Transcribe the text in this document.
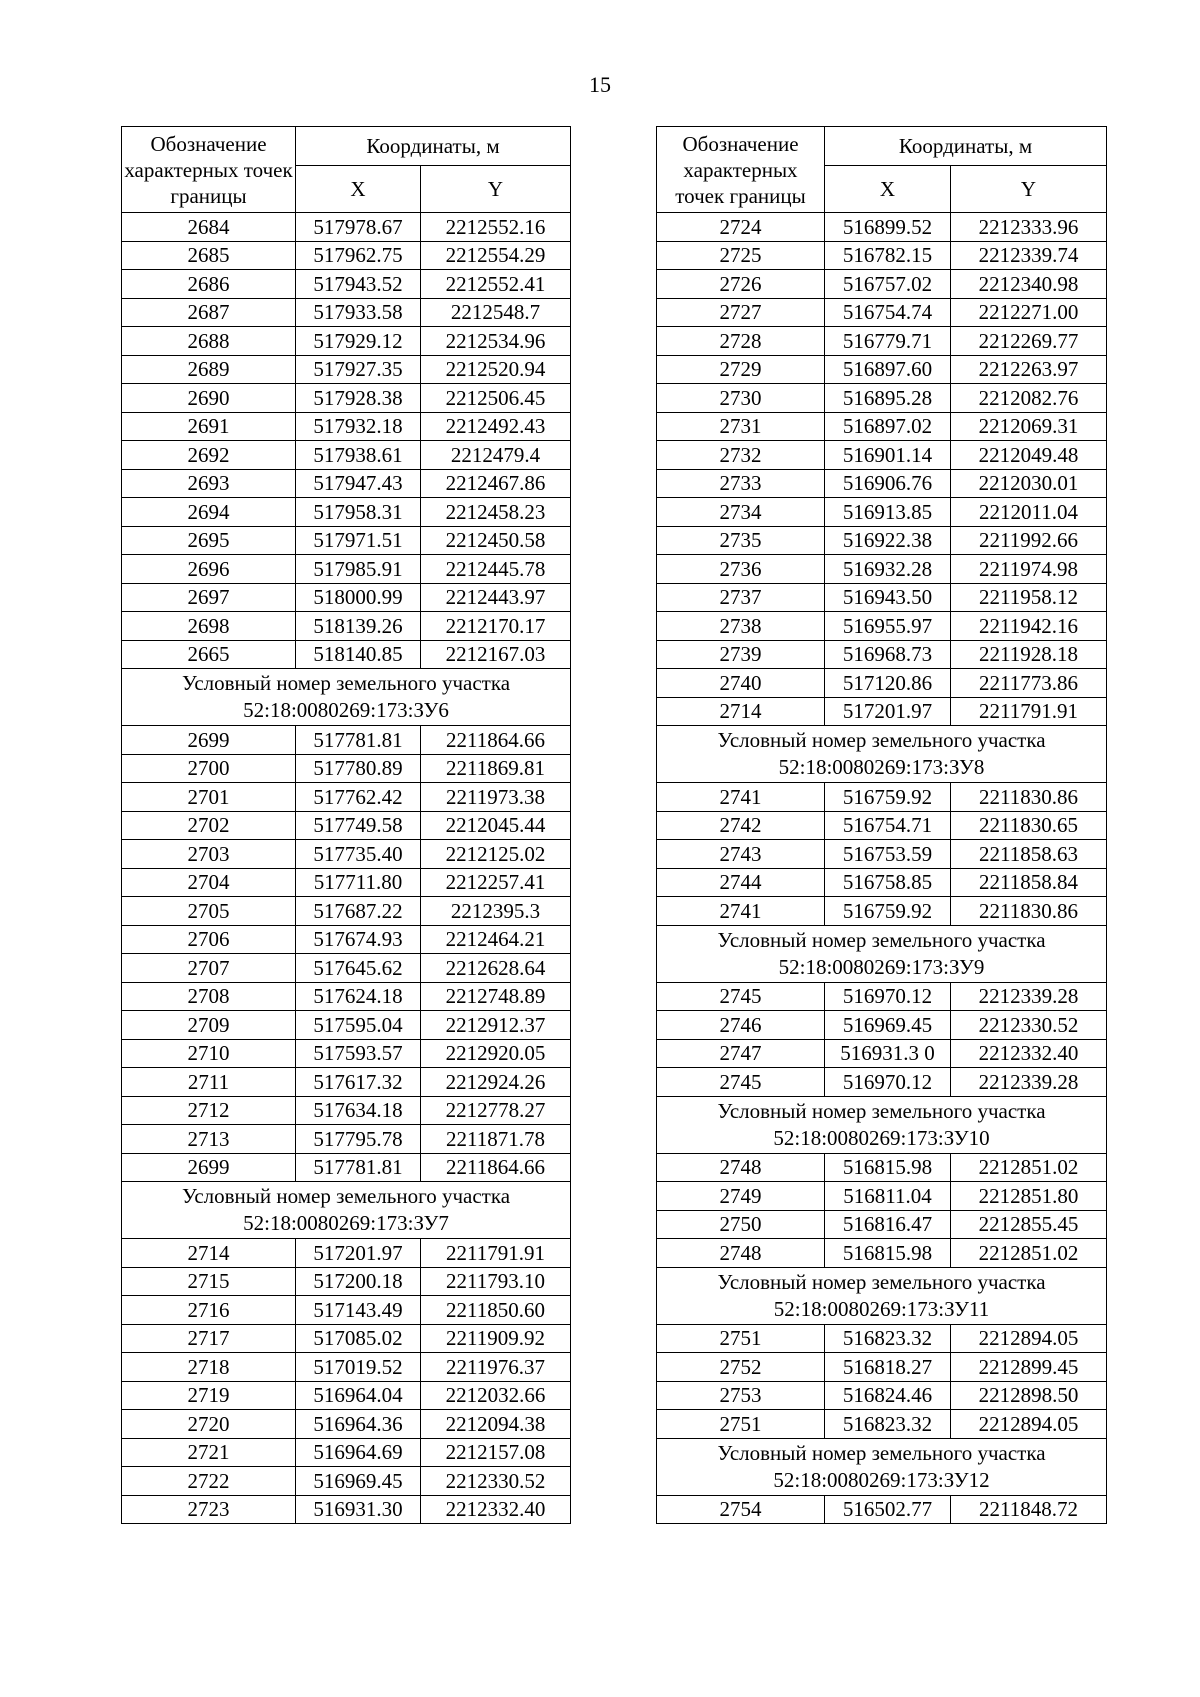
15
Обозначение характерных точек границы	Координаты, м	
	X	Y
2684	517978.67	2212552.16
2685	517962.75	2212554.29
2686	517943.52	2212552.41
2687	517933.58	2212548.7
2688	517929.12	2212534.96
2689	517927.35	2212520.94
2690	517928.38	2212506.45
2691	517932.18	2212492.43
2692	517938.61	2212479.4
2693	517947.43	2212467.86
2694	517958.31	2212458.23
2695	517971.51	2212450.58
2696	517985.91	2212445.78
2697	518000.99	2212443.97
2698	518139.26	2212170.17
2665	518140.85	2212167.03

Условный номер земельного участка
52:18:0080269:173:ЗУ6		

2699	517781.81	2211864.66
2700	517780.89	2211869.81
2701	517762.42	2211973.38
2702	517749.58	2212045.44
2703	517735.40	2212125.02
2704	517711.80	2212257.41
2705	517687.22	2212395.3
2706	517674.93	2212464.21
2707	517645.62	2212628.64
2708	517624.18	2212748.89
2709	517595.04	2212912.37
2710	517593.57	2212920.05
2711	517617.32	2212924.26
2712	517634.18	2212778.27
2713	517795.78	2211871.78
2699	517781.81	2211864.66

Условный номер земельного участка
52:18:0080269:173:ЗУ7		

2714	517201.97	2211791.91
2715	517200.18	2211793.10
2716	517143.49	2211850.60
2717	517085.02	2211909.92
2718	517019.52	2211976.37
2719	516964.04	2212032.66
2720	516964.36	2212094.38
2721	516964.69	2212157.08
2722	516969.45	2212330.52
2723	516931.30	2212332.40
Обозначение характерных точек границы	Координаты, м	
	X	Y
2724	516899.52	2212333.96
2725	516782.15	2212339.74
2726	516757.02	2212340.98
2727	516754.74	2212271.00
2728	516779.71	2212269.77
2729	516897.60	2212263.97
2730	516895.28	2212082.76
2731	516897.02	2212069.31
2732	516901.14	2212049.48
2733	516906.76	2212030.01
2734	516913.85	2212011.04
2735	516922.38	2211992.66
2736	516932.28	2211974.98
2737	516943.50	2211958.12
2738	516955.97	2211942.16
2739	516968.73	2211928.18
2740	517120.86	2211773.86
2714	517201.97	2211791.91

Условный номер земельного участка
52:18:0080269:173:ЗУ8		

2741	516759.92	2211830.86
2742	516754.71	2211830.65
2743	516753.59	2211858.63
2744	516758.85	2211858.84
2741	516759.92	2211830.86

Условный номер земельного участка
52:18:0080269:173:ЗУ9		

2745	516970.12	2212339.28
2746	516969.45	2212330.52
2747	516931.3 0	2212332.40
2745	516970.12	2212339.28

Условный номер земельного участка
52:18:0080269:173:ЗУ10		

2748	516815.98	2212851.02
2749	516811.04	2212851.80
2750	516816.47	2212855.45
2748	516815.98	2212851.02

Условный номер земельного участка
52:18:0080269:173:ЗУ11		

2751	516823.32	2212894.05
2752	516818.27	2212899.45
2753	516824.46	2212898.50
2751	516823.32	2212894.05

Условный номер земельного участка
52:18:0080269:173:ЗУ12		

2754	516502.77	2211848.72
